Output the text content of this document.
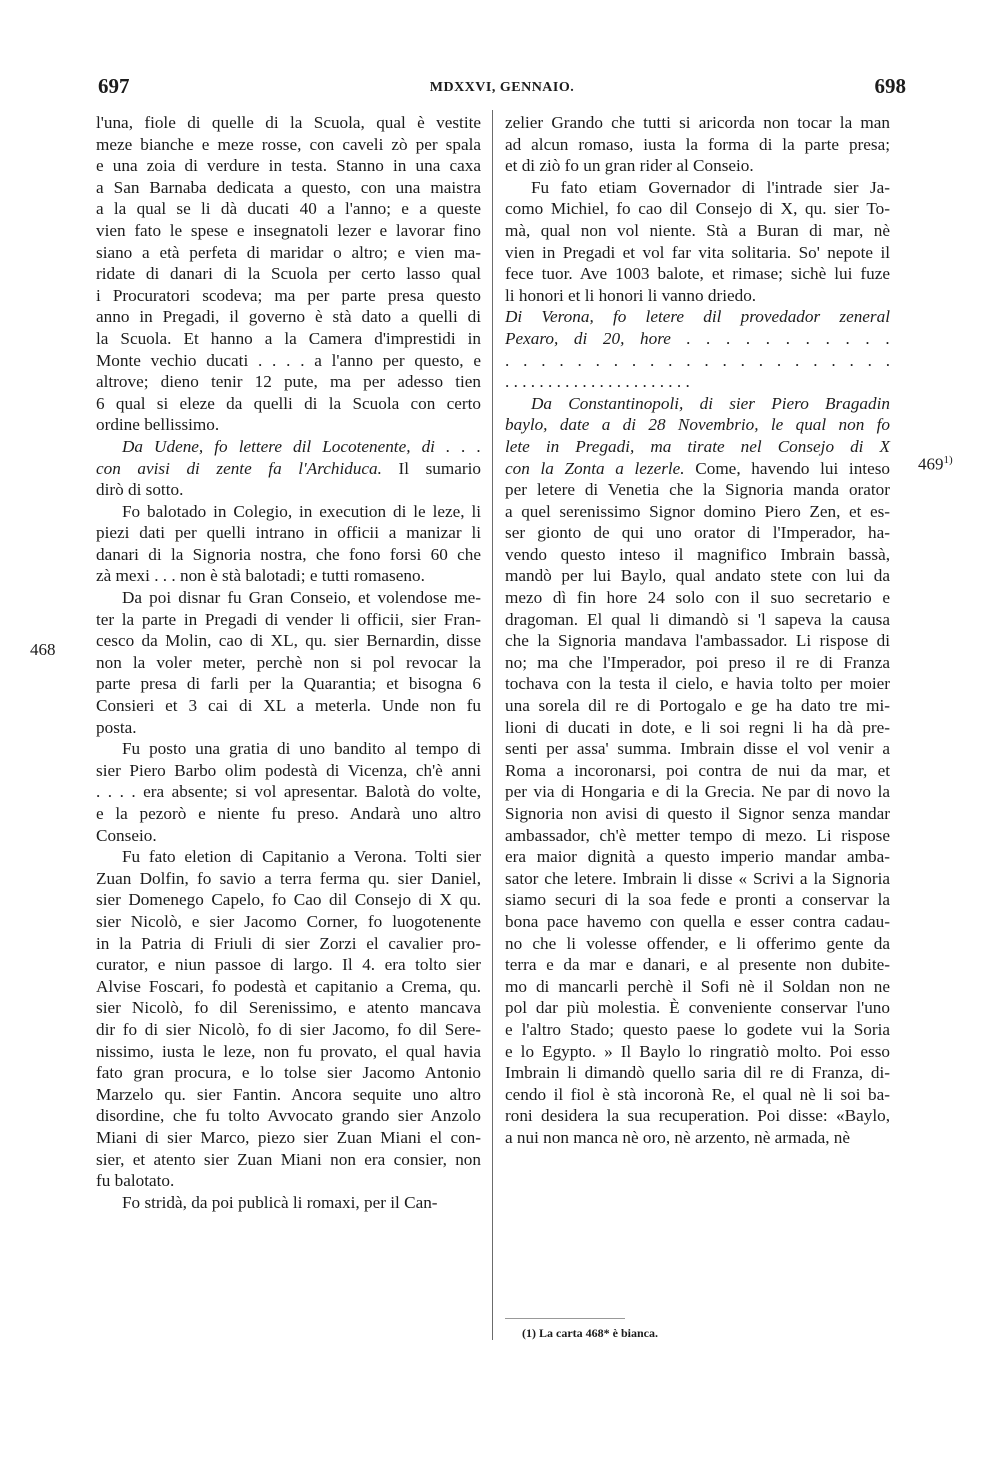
697	MDXXVI, GENNAIO.	698
468
469$^{1)}$
l'una, fiole di quelle di la Scuola, qual è vestite
meze bianche e meze rosse, con caveli zò per spala
e una zoia di verdure in testa. Stanno in una caxa
a San Barnaba dedicata a questo, con una maistra
a la qual se li dà ducati 40 a l'anno; e a queste
vien fato le spese e insegnatoli lezer e lavorar fino
siano a età perfeta di maridar o altro; e vien ma-
ridate di danari di la Scuola per certo lasso qual
i Procuratori scodeva; ma per parte presa questo
anno in Pregadi, il governo è stà dato a quelli di
la Scuola. Et hanno a la Camera d'imprestidi in
Monte vechio ducati . . . . a l'anno per questo, e
altrove; dieno tenir 12 pute, ma per adesso tien
6 qual si eleze da quelli di la Scuola con certo
ordine bellissimo.
Da Udene, fo lettere dil Locotenente, di . . .
con avisi di zente fa l'Archiduca. Il sumario
dirò di sotto.
Fo balotado in Colegio, in execution di le leze, li
piezi dati per quelli intrano in officii a manizar li
danari di la Signoria nostra, che fono forsi 60 che
zà mexi . . . non è stà balotadi; e tutti romaseno.
Da poi disnar fu Gran Conseio, et volendose me-
ter la parte in Pregadi di vender li officii, sier Fran-
cesco da Molin, cao di XL, qu. sier Bernardin, disse
non la voler meter, perchè non si pol revocar la
parte presa di farli per la Quarantia; et bisogna 6
Consieri et 3 cai di XL a meterla. Unde non fu
posta.
Fu posto una gratia di uno bandito al tempo di
sier Piero Barbo olim podestà di Vicenza, ch'è anni
. . . . era absente; si vol apresentar. Balotà do volte,
e la pezorò e niente fu preso. Andarà uno altro
Conseio.
Fu fato eletion di Capitanio a Verona. Tolti sier
Zuan Dolfin, fo savio a terra ferma qu. sier Daniel,
sier Domenego Capelo, fo Cao dil Consejo di X qu.
sier Nicolò, e sier Jacomo Corner, fo luogotenente
in la Patria di Friuli di sier Zorzi el cavalier pro-
curator, e niun passoe di largo. Il 4. era tolto sier
Alvise Foscari, fo podestà et capitanio a Crema, qu.
sier Nicolò, fo dil Serenissimo, e atento mancava
dir fo di sier Nicolò, fo di sier Jacomo, fo dil Sere-
nissimo, iusta le leze, non fu provato, el qual havia
fato gran procura, e lo tolse sier Jacomo Antonio
Marzelo qu. sier Fantin. Ancora sequite uno altro
disordine, che fu tolto Avvocato grando sier Anzolo
Miani di sier Marco, piezo sier Zuan Miani el con-
sier, et atento sier Zuan Miani non era consier, non
fu balotato.
Fo stridà, da poi publicà li romaxi, per il Can-
zelier Grando che tutti si aricorda non tocar la man
ad alcun romaso, iusta la forma di la parte presa;
et di ziò fo un gran rider al Conseio.
Fu fato etiam Governador di l'intrade sier Ja-
como Michiel, fo cao dil Consejo di X, qu. sier To-
mà, qual non vol niente. Stà a Buran di mar, nè
vien in Pregadi et vol far vita solitaria. So' nepote il
fece tuor. Ave 1003 balote, et rimase; sichè lui fuze
li honori et li honori li vanno driedo.
Di Verona, fo letere dil provedador zeneral
Pexaro, di 20, hore . . . . . . . . . . .
. . . . . . . . . . . . . . . . . . . . . .
. . . . . . . . . . . . . . . . . . . . . .
Da Constantinopoli, di sier Piero Bragadin
baylo, date a di 28 Novembrio, le qual non fo
lete in Pregadi, ma tirate nel Consejo di X
con la Zonta a lezerle. Come, havendo lui inteso
per letere di Venetia che la Signoria manda orator
a quel serenissimo Signor domino Piero Zen, et es-
ser gionto de qui uno orator di l'Imperador, ha-
vendo questo inteso il magnifico Imbrain bassà,
mandò per lui Baylo, qual andato stete con lui da
mezo dì fin hore 24 solo con il suo secretario e
dragoman. El qual li dimandò si 'l sapeva la causa
che la Signoria mandava l'ambassador. Li rispose di
no; ma che l'Imperador, poi preso il re di Franza
tochava con la testa il cielo, e havia tolto per moier
una sorela dil re di Portogalo e ge ha dato tre mi-
lioni di ducati in dote, e li soi regni li ha dà pre-
senti per assa' summa. Imbrain disse el vol venir a
Roma a incoronarsi, poi contra de nui da mar, et
per via di Hongaria e di la Grecia. Ne par di novo la
Signoria non avisi di questo il Signor senza mandar
ambassador, ch'è metter tempo di mezo. Li rispose
era maior dignità a questo imperio mandar amba-
sator che letere. Imbrain li disse « Scrivi a la Signoria
siamo securi di la soa fede e pronti a conservar la
bona pace havemo con quella e esser contra cadau-
no che li volesse offender, e li offerimo gente da
terra e da mar e danari, e al presente non dubite-
mo di mancarli perchè il Sofi nè il Soldan non ne
pol dar più molestia. È conveniente conservar l'uno
e l'altro Stado; questo paese lo godete vui la Soria
e lo Egypto. » Il Baylo lo ringratiò molto. Poi esso
Imbrain li dimandò quello saria dil re di Franza, di-
cendo il fiol è stà incoronà Re, el qual nè li soi ba-
roni desidera la sua recuperation. Poi disse: «Baylo,
a nui non manca nè oro, nè arzento, nè armada, nè
(1) La carta 468* è bianca.
